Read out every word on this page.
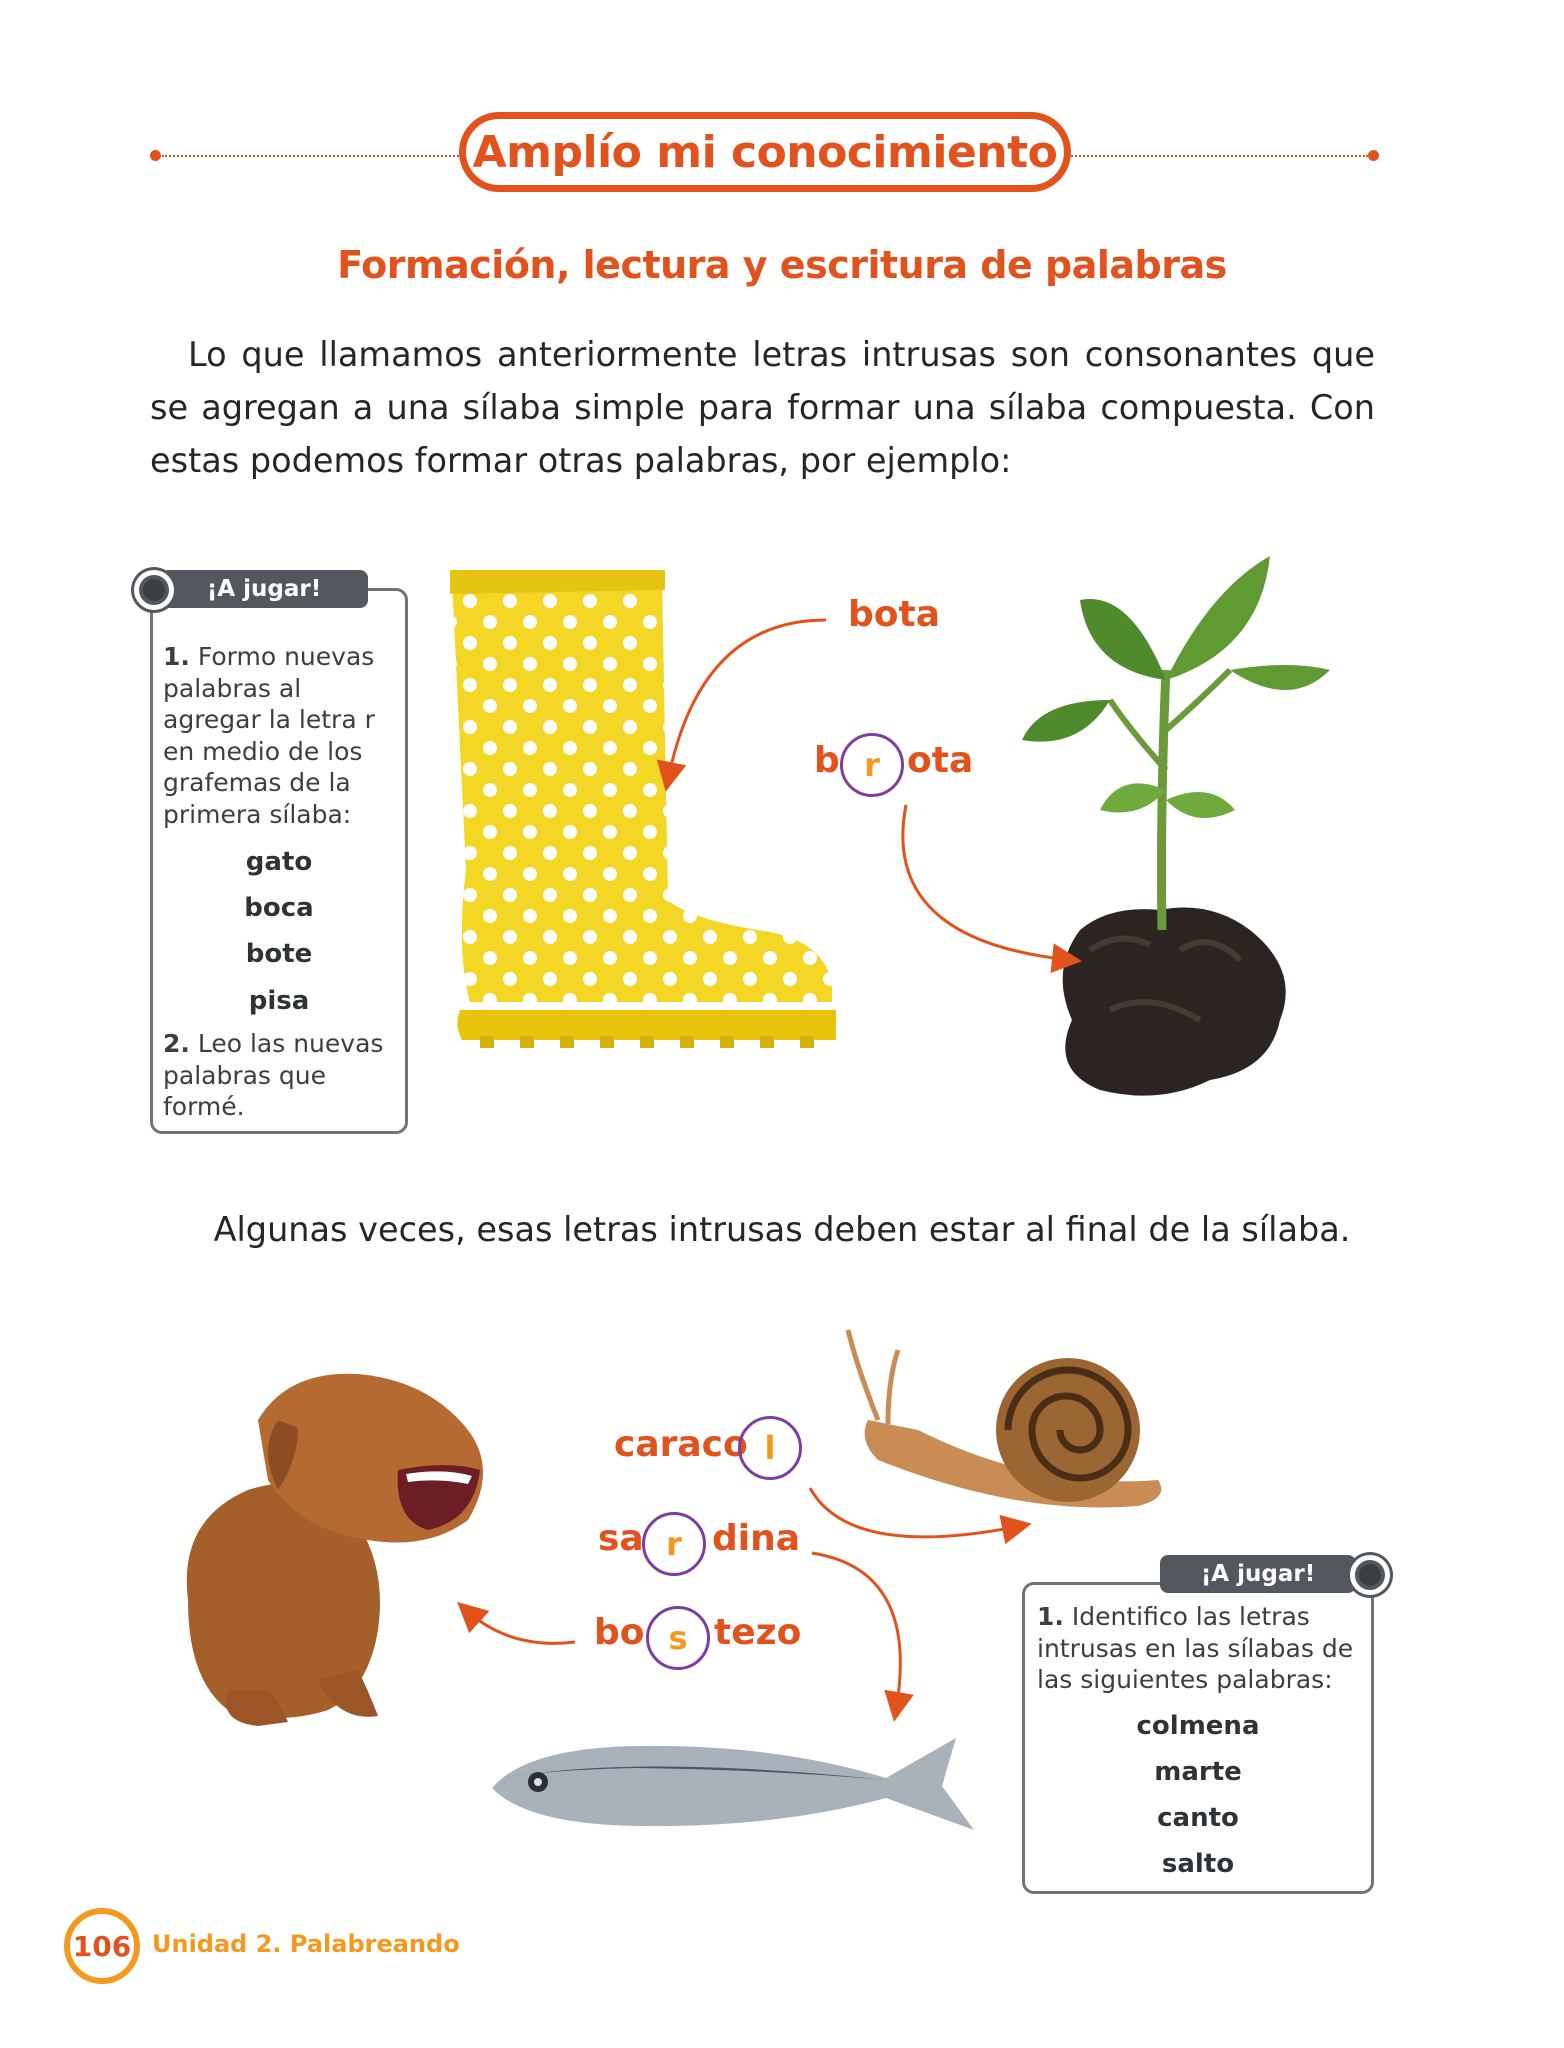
Amplío mi conocimiento
Formación, lectura y escritura de palabras
Lo que llamamos anteriormente letras intrusas son consonantes que se agregan a una sílaba simple para formar una sílaba compuesta. Con estas podemos formar otras palabras, por ejemplo:
1. Formo nuevas palabras al agregar la letra r en medio de los grafemas de la primera sílaba:
gato
boca
bote
pisa
2. Leo las nuevas palabras que formé.
¡A jugar!
bota
b r ota
Algunas veces, esas letras intrusas deben estar al final de la sílaba.
caraco l
sa r dina
bo s tezo	1. Identifico las letras intrusas en las sílabas de las siguientes palabras:
colmena
marte
canto
salto
¡A jugar!
106 Unidad 2. Palabreando
